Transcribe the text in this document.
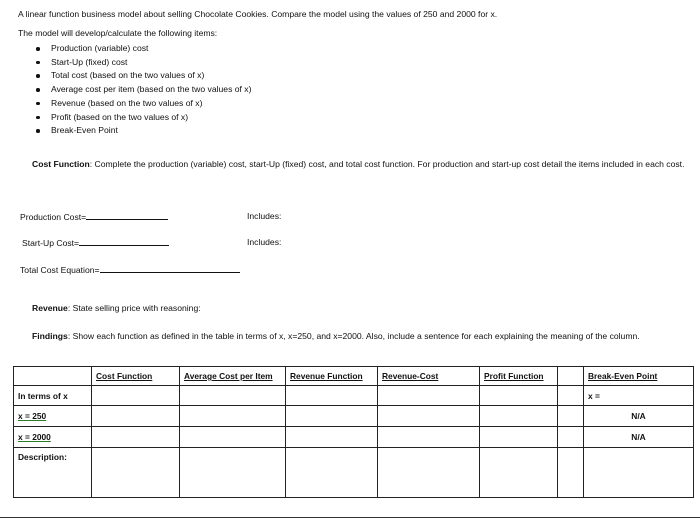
A linear function business model about selling Chocolate Cookies. Compare the model using the values of 250 and 2000 for x.
The model will develop/calculate the following items:
Production (variable) cost
Start-Up (fixed) cost
Total cost (based on the two values of x)
Average cost per item (based on the two values of x)
Revenue (based on the two values of x)
Profit (based on the two values of x)
Break-Even Point
Cost Function: Complete the production (variable) cost, start-Up (fixed) cost, and total cost function. For production and start-up cost detail the items included in each cost.
Production Cost=	Includes:
Start-Up Cost=	Includes:
Total Cost Equation=
Revenue: State selling price with reasoning:
Findings: Show each function as defined in the table in terms of x, x=250, and x=2000. Also, include a sentence for each explaining the meaning of the column.
	Cost Function	Average Cost per Item	Revenue Function	Revenue-Cost	Profit Function		Break-Even Point
In terms of x							x =
x = 250							N/A
x = 2000							N/A
Description:							
